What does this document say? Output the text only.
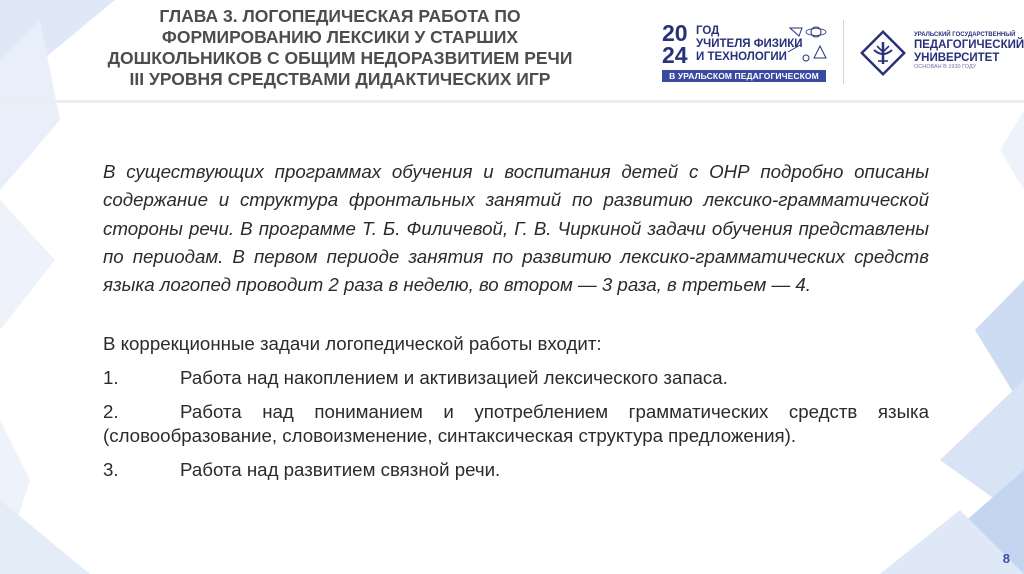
ГЛАВА 3. ЛОГОПЕДИЧЕСКАЯ РАБОТА ПО
ФОРМИРОВАНИЮ ЛЕКСИКИ У СТАРШИХ
ДОШКОЛЬНИКОВ С ОБЩИМ НЕДОРАЗВИТИЕМ РЕЧИ
III УРОВНЯ СРЕДСТВАМИ ДИДАКТИЧЕСКИХ ИГР
20
24
ГОД
УЧИТЕЛЯ ФИЗИКИ
И ТЕХНОЛОГИИ
В УРАЛЬСКОМ ПЕДАГОГИЧЕСКОМ
УРАЛЬСКИЙ ГОСУДАРСТВЕННЫЙ
ПЕДАГОГИЧЕСКИЙ
УНИВЕРСИТЕТ
ОСНОВАН В 1930 ГОДУ

В существующих программах обучения и воспитания детей с ОНР подробно описаны содержание и структура фронтальных занятий по развитию лексико-грамматической стороны речи. В программе Т. Б. Филичевой, Г. В. Чиркиной задачи обучения представлены по периодам. В первом периоде занятия по развитию лексико-грамматических средств языка логопед проводит 2 раза в неделю, во втором — 3 раза, в третьем — 4.

В коррекционные задачи логопедической работы входит:

1.	Работа над накоплением и активизацией лексического запаса.
2.	Работа над пониманием и употреблением грамматических средств языка (словообразование, словоизменение, синтаксическая структура предложения).
3.	Работа над развитием связной речи.
8
